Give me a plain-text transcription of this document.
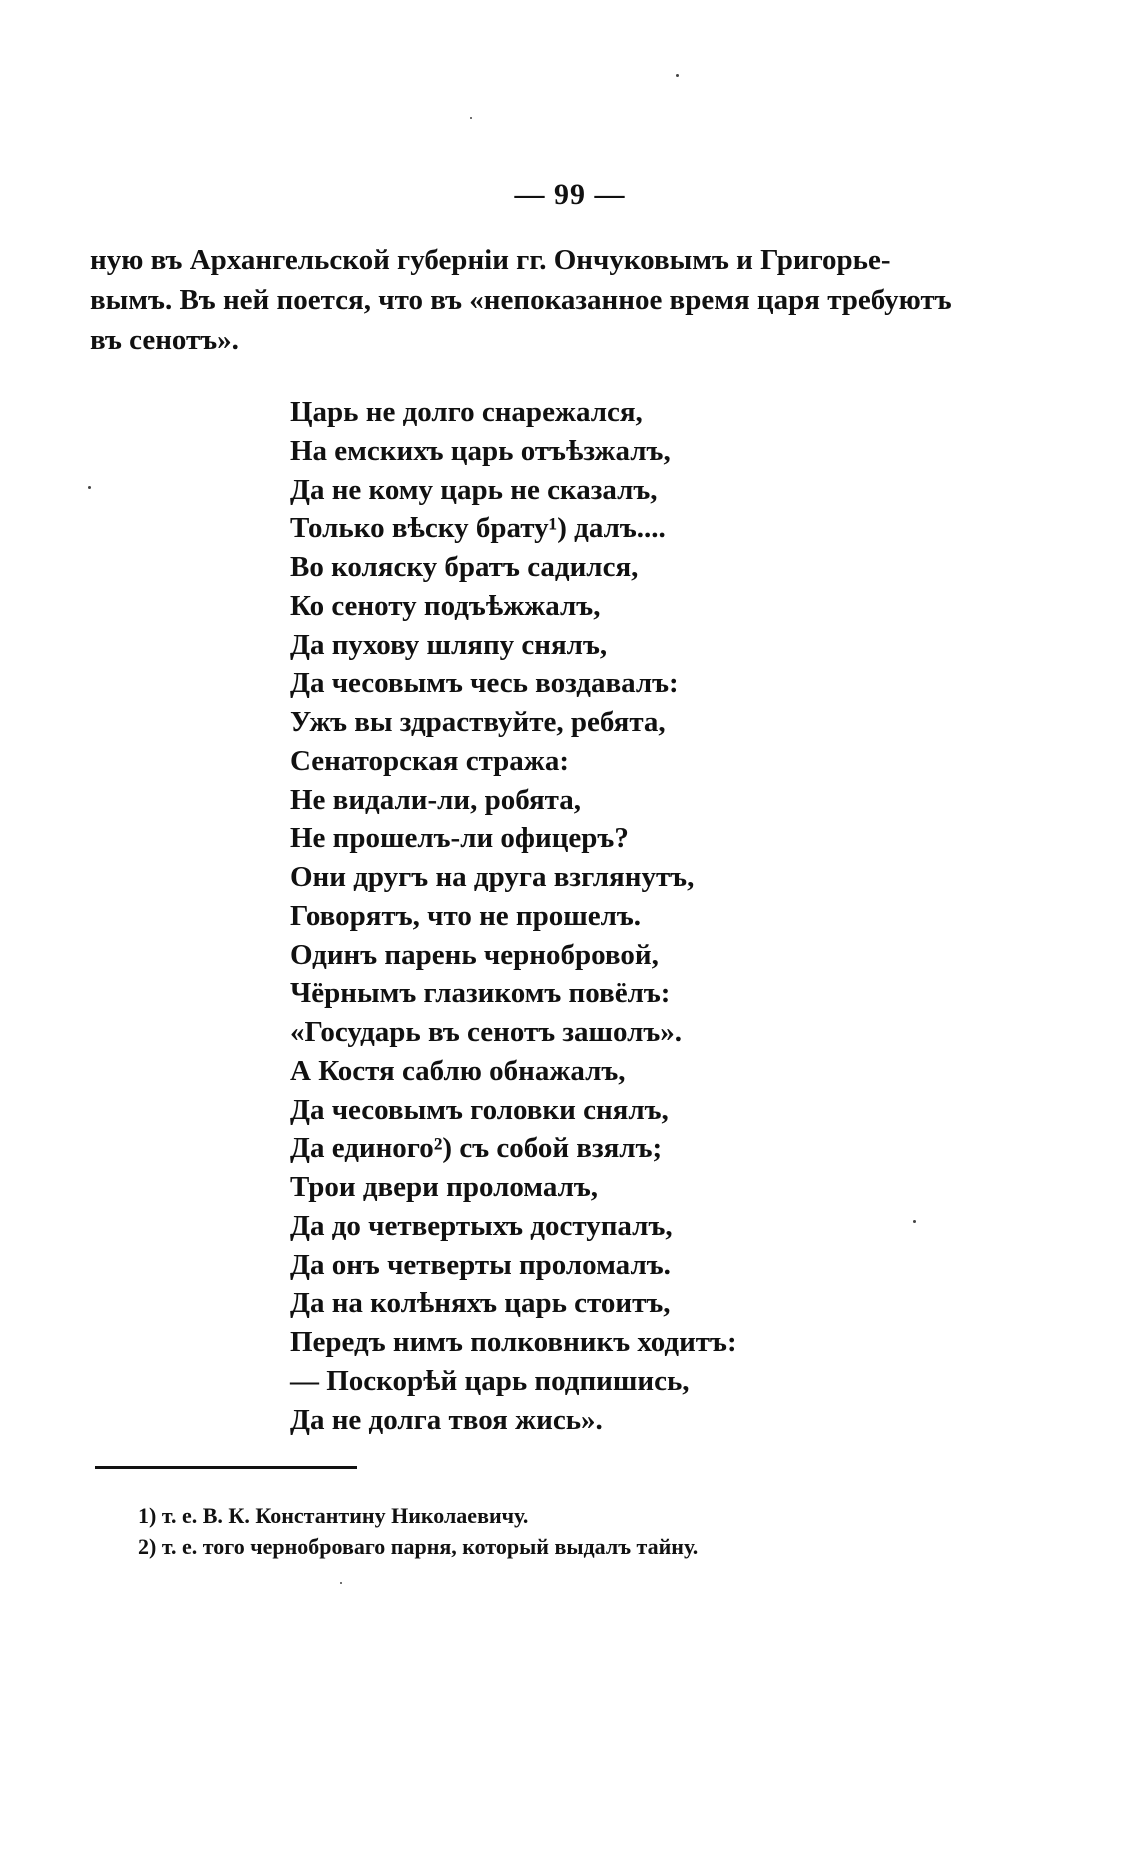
— 99 —
ную въ Архангельской губерніи гг. Ончуковымъ и Григорье-
вымъ. Въ ней поется, что въ «непоказанное время царя требуютъ
въ сенотъ».
Царь не долго снарежался,
На емскихъ царь отъѣзжалъ,
Да не кому царь не сказалъ,
Только вѣску брату¹) далъ....
Во коляску братъ садился,
Ко сеноту подъѣжжалъ,
Да пухову шляпу снялъ,
Да чесовымъ чесь воздавалъ:
Ужъ вы здраствуйте, ребята,
Сенаторская стража:
Не видали-ли, робята,
Не прошелъ-ли офицеръ?
Они другъ на друга взглянутъ,
Говорятъ, что не прошелъ.
Одинъ парень чернобровой,
Чёрнымъ глазикомъ повёлъ:
«Государь въ сенотъ зашолъ».
А Костя саблю обнажалъ,
Да чесовымъ головки снялъ,
Да единого²) съ собой взялъ;
Трои двери проломалъ,
Да до четвертыхъ доступалъ,
Да онъ четверты проломалъ.
Да на колѣняхъ царь стоитъ,
Передъ нимъ полковникъ ходитъ:
— Поскорѣй царь подпишись,
Да не долга твоя жись».
1) т. е. В. К. Константину Николаевичу.
2) т. е. того черноброваго парня, который выдалъ тайну.
